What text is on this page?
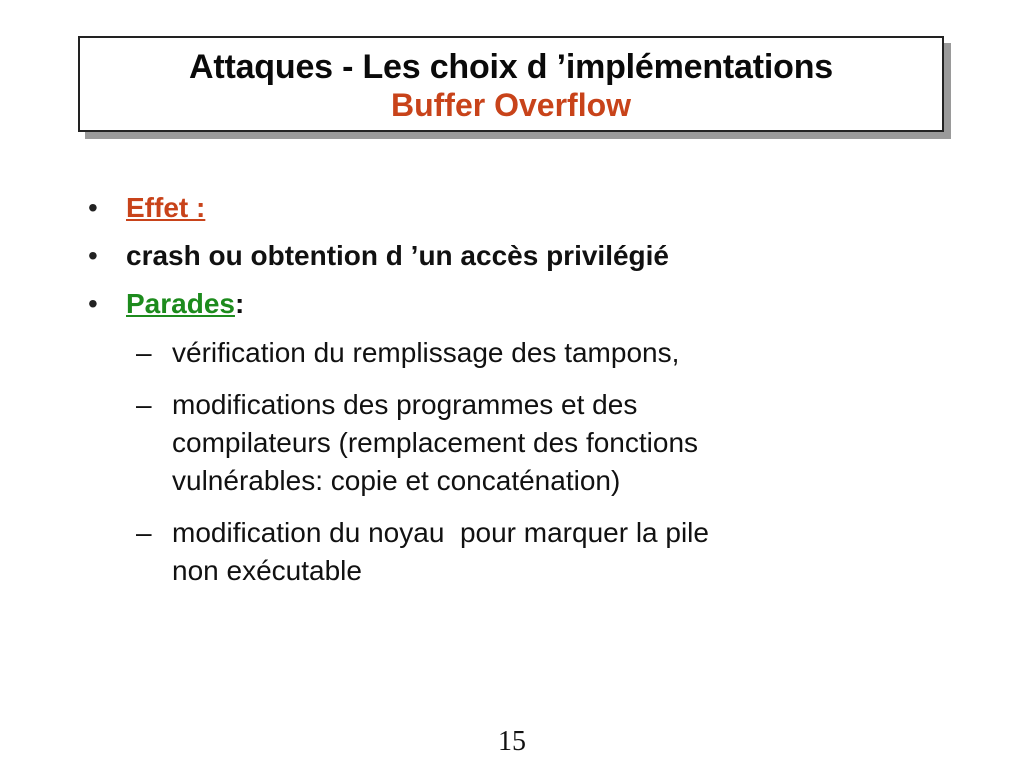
Attaques - Les choix d ’implémentations
Buffer Overflow
• Effet :
• crash ou obtention d ’un accès privilégié
• Parades:
– vérification du remplissage des tampons,
– modifications des programmes et des
compilateurs (remplacement des fonctions
vulnérables: copie et concaténation)
– modification du noyau  pour marquer la pile
non exécutable
15
